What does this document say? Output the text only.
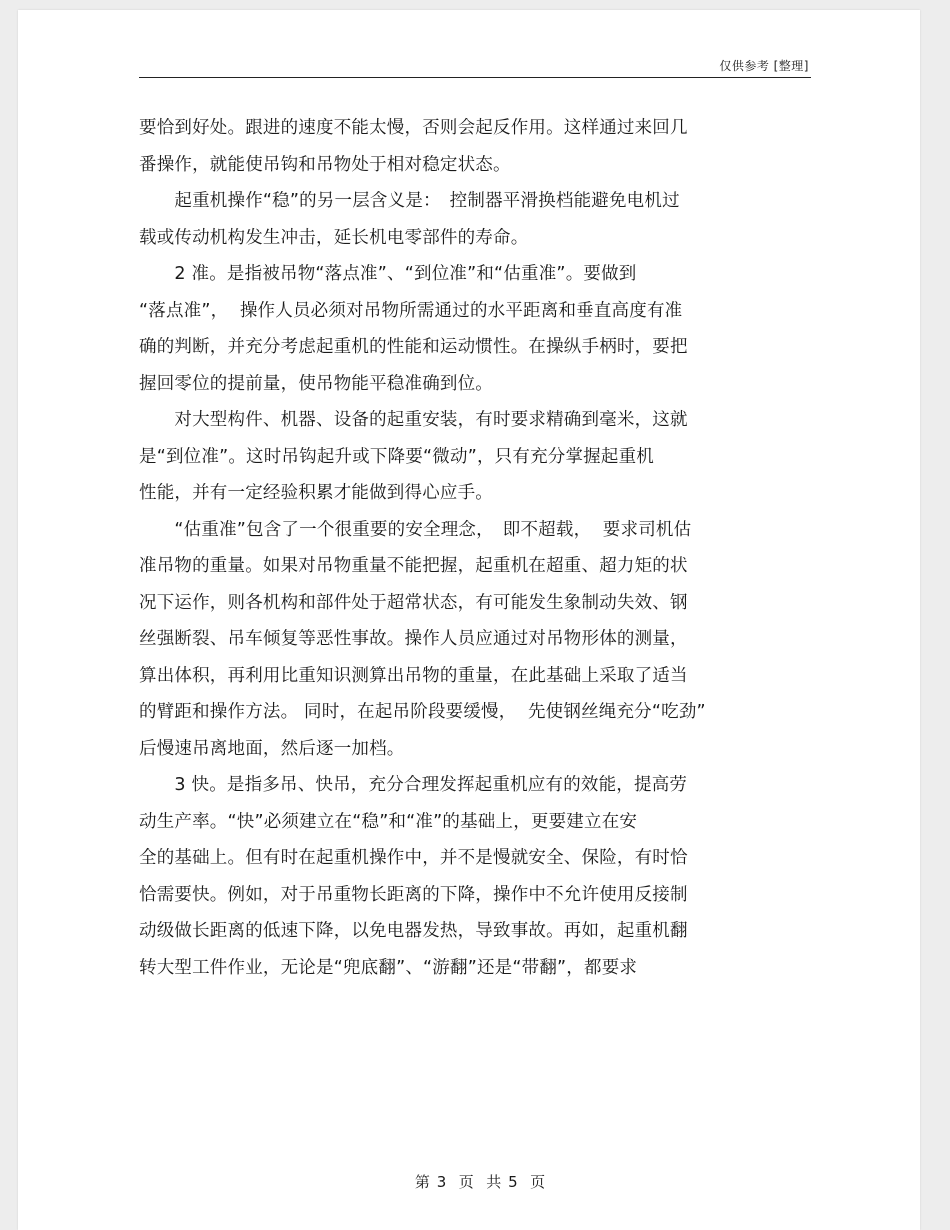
仅供参考 [整理]
要恰到好处。跟进的速度不能太慢，否则会起反作用。这样通过来回几
番操作，就能使吊钩和吊物处于相对稳定状态。
　　起重机操作“稳”的另一层含义是：　控制器平滑换档能避免电机过
载或传动机构发生冲击，延长机电零部件的寿命。
　　2 准。是指被吊物“落点准”、“到位准”和“估重准”。要做到
“落点准”，  操作人员必须对吊物所需通过的水平距离和垂直高度有准
确的判断，并充分考虑起重机的性能和运动惯性。在操纵手柄时，要把
握回零位的提前量，使吊物能平稳准确到位。
　　对大型构件、机器、设备的起重安装，有时要求精确到毫米，这就
是“到位准”。这时吊钩起升或下降要“微动”，只有充分掌握起重机
性能，并有一定经验积累才能做到得心应手。
　　“估重准”包含了一个很重要的安全理念，　即不超载，  要求司机估
准吊物的重量。如果对吊物重量不能把握，起重机在超重、超力矩的状
况下运作，则各机构和部件处于超常状态，有可能发生象制动失效、钢
丝强断裂、吊车倾复等恶性事故。操作人员应通过对吊物形体的测量，
算出体积，再利用比重知识测算出吊物的重量，在此基础上采取了适当
的臂距和操作方法。 同时，在起吊阶段要缓慢，  先使钢丝绳充分“吃劲”
后慢速吊离地面，然后逐一加档。
　　3 快。是指多吊、快吊，充分合理发挥起重机应有的效能，提高劳
动生产率。“快”必须建立在“稳”和“准”的基础上，更要建立在安
全的基础上。但有时在起重机操作中，并不是慢就安全、保险，有时恰
恰需要快。例如，对于吊重物长距离的下降，操作中不允许使用反接制
动级做长距离的低速下降，以免电器发热，导致事故。再如，起重机翻
转大型工件作业，无论是“兜底翻”、“游翻”还是“带翻”，都要求

第 3  页  共 5  页
